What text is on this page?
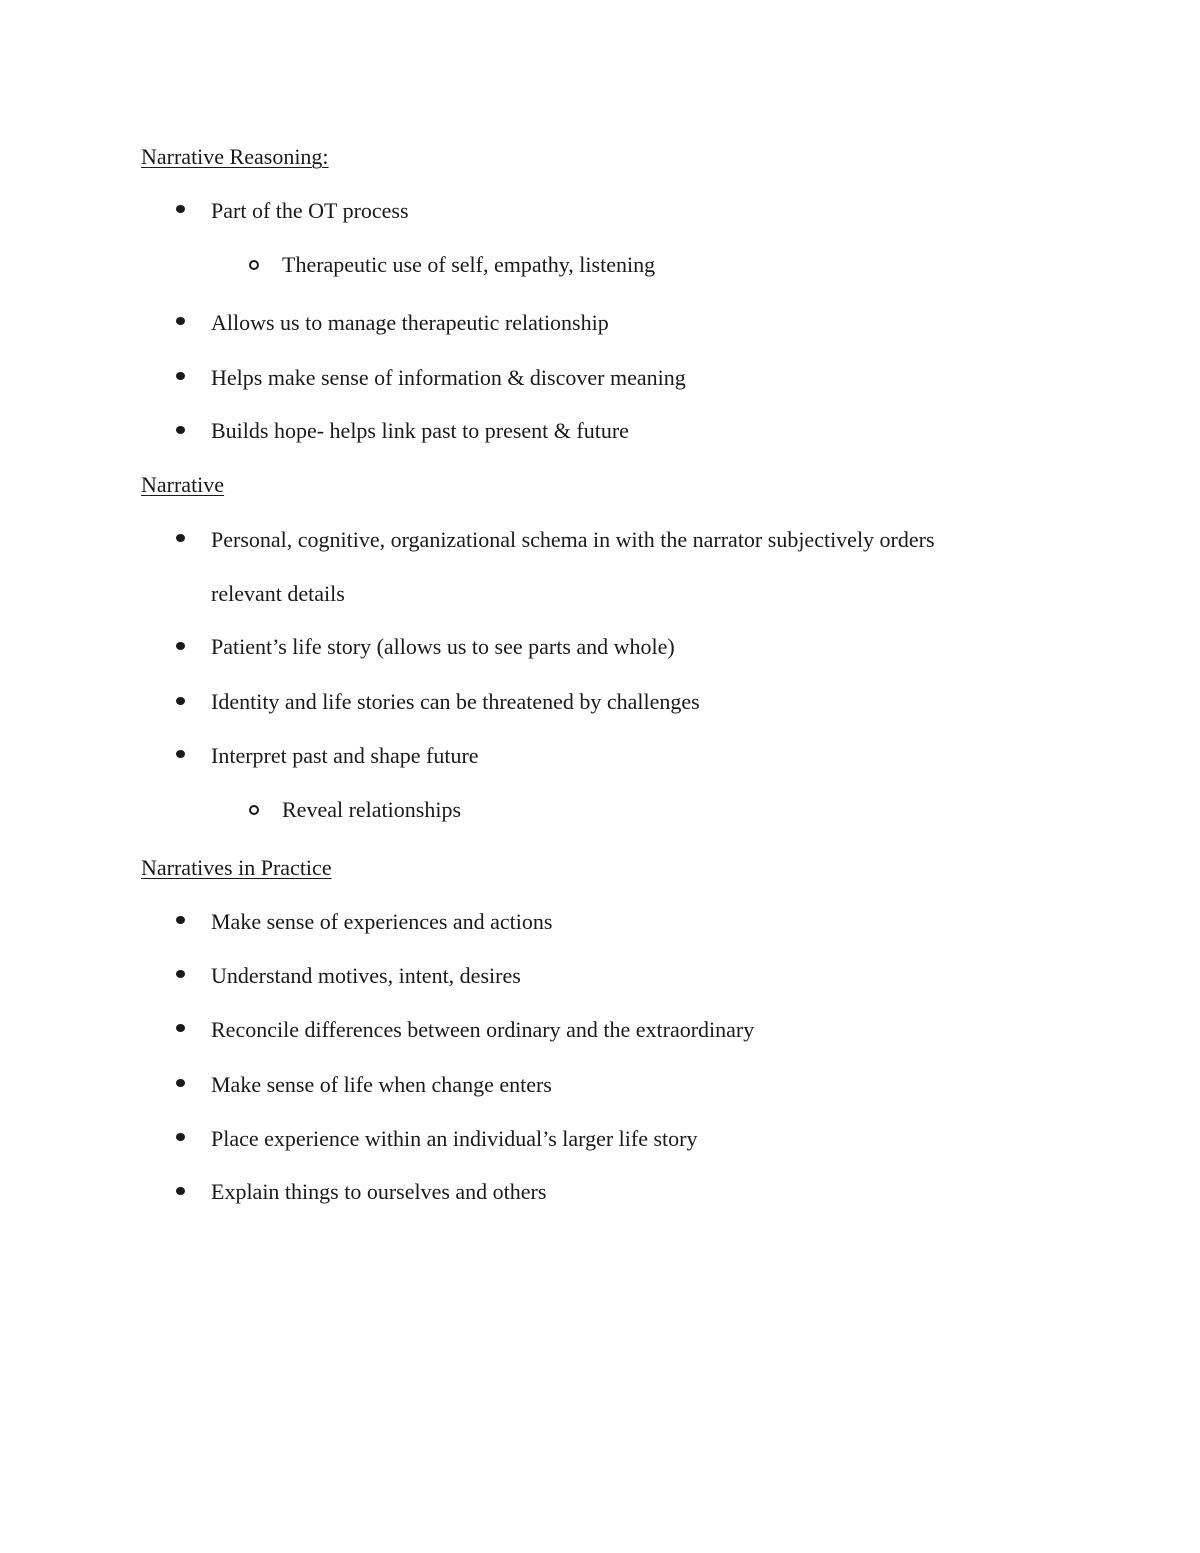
Narrative Reasoning:
Part of the OT process
Therapeutic use of self, empathy, listening
Allows us to manage therapeutic relationship
Helps make sense of information & discover meaning
Builds hope- helps link past to present & future
Narrative
Personal, cognitive, organizational schema in with the narrator subjectively orders
relevant details
Patient’s life story (allows us to see parts and whole)
Identity and life stories can be threatened by challenges
Interpret past and shape future
Reveal relationships
Narratives in Practice
Make sense of experiences and actions
Understand motives, intent, desires
Reconcile differences between ordinary and the extraordinary
Make sense of life when change enters
Place experience within an individual’s larger life story
Explain things to ourselves and others
